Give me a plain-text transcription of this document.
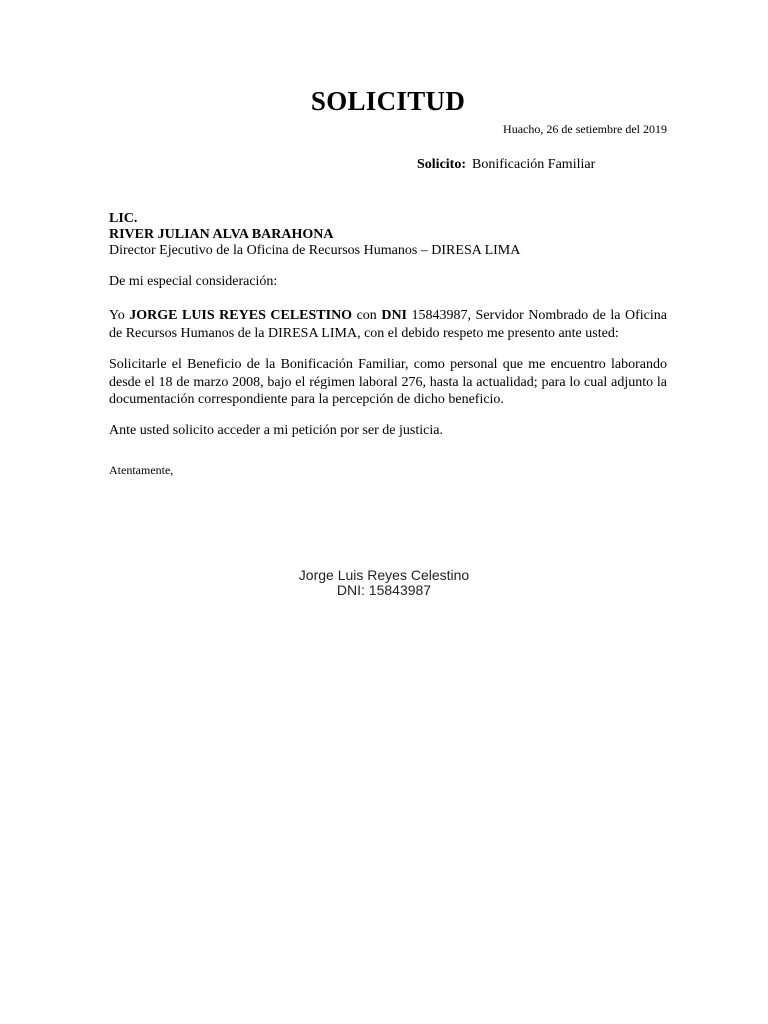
SOLICITUD
Huacho, 26 de setiembre del 2019
Solicito: Bonificación Familiar
LIC.
RIVER JULIAN ALVA BARAHONA
Director Ejecutivo de la Oficina de Recursos Humanos – DIRESA LIMA
De mi especial consideración:
Yo JORGE LUIS REYES CELESTINO con DNI 15843987, Servidor Nombrado de la Oficina de Recursos Humanos de la DIRESA LIMA, con el debido respeto me presento ante usted:
Solicitarle el Beneficio de la Bonificación Familiar, como personal que me encuentro laborando desde el 18 de marzo 2008, bajo el régimen laboral 276, hasta la actualidad; para lo cual adjunto la documentación correspondiente para la percepción de dicho beneficio.
Ante usted solicito acceder a mi petición por ser de justicia.
Atentamente,
Jorge Luis Reyes Celestino
DNI: 15843987
